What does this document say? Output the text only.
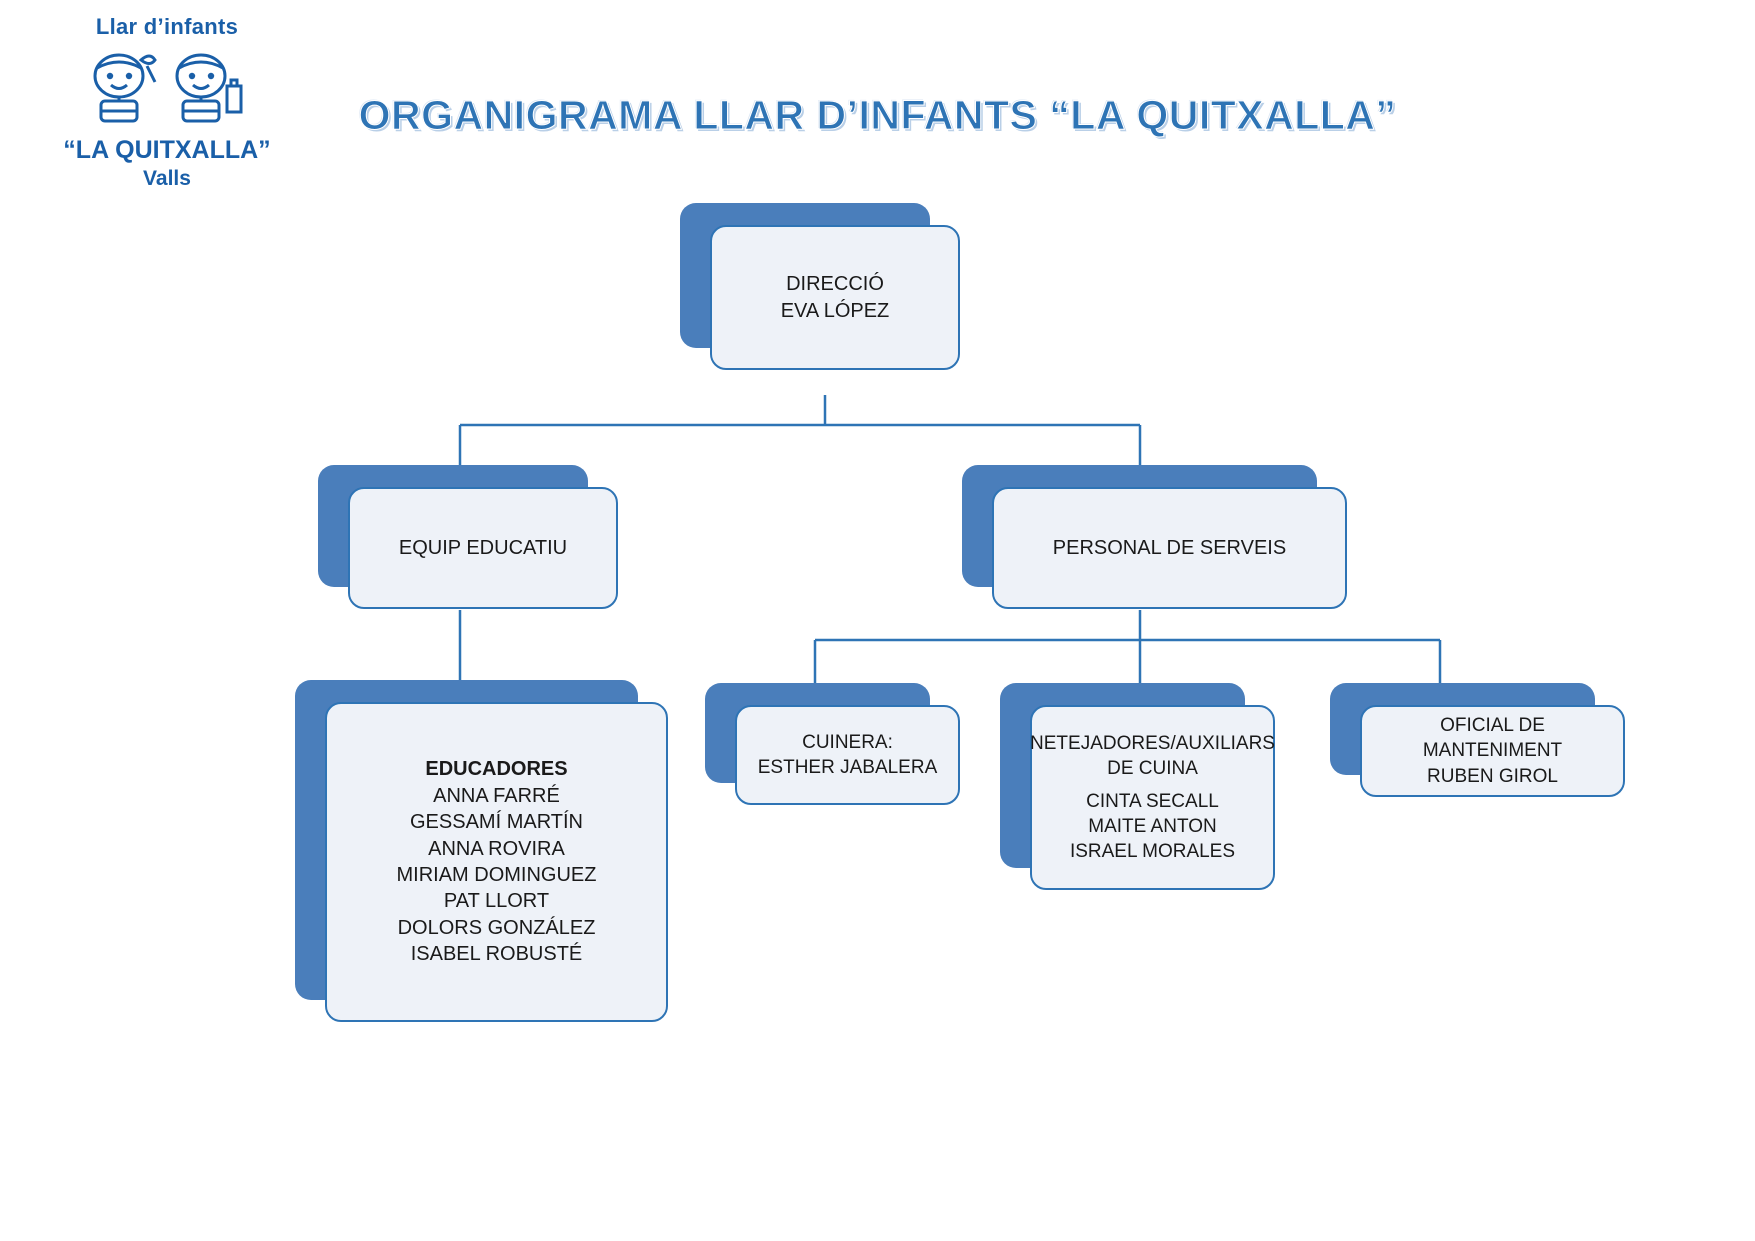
Llar d’infants
“LA QUITXALLA”
Valls
ORGANIGRAMA LLAR D’INFANTS “LA QUITXALLA”
DIRECCIÓ
EVA LÓPEZ
EQUIP EDUCATIU	PERSONAL DE SERVEIS
EDUCADORES
ANNA FARRÉ
GESSAMÍ MARTÍN
ANNA ROVIRA
MIRIAM DOMINGUEZ
PAT LLORT
DOLORS GONZÁLEZ
ISABEL ROBUSTÉ
CUINERA:
ESTHER JABALERA
NETEJADORES/AUXILIARS DE CUINA
CINTA SECALL
MAITE ANTON
ISRAEL MORALES
OFICIAL DE MANTENIMENT
RUBEN GIROL
